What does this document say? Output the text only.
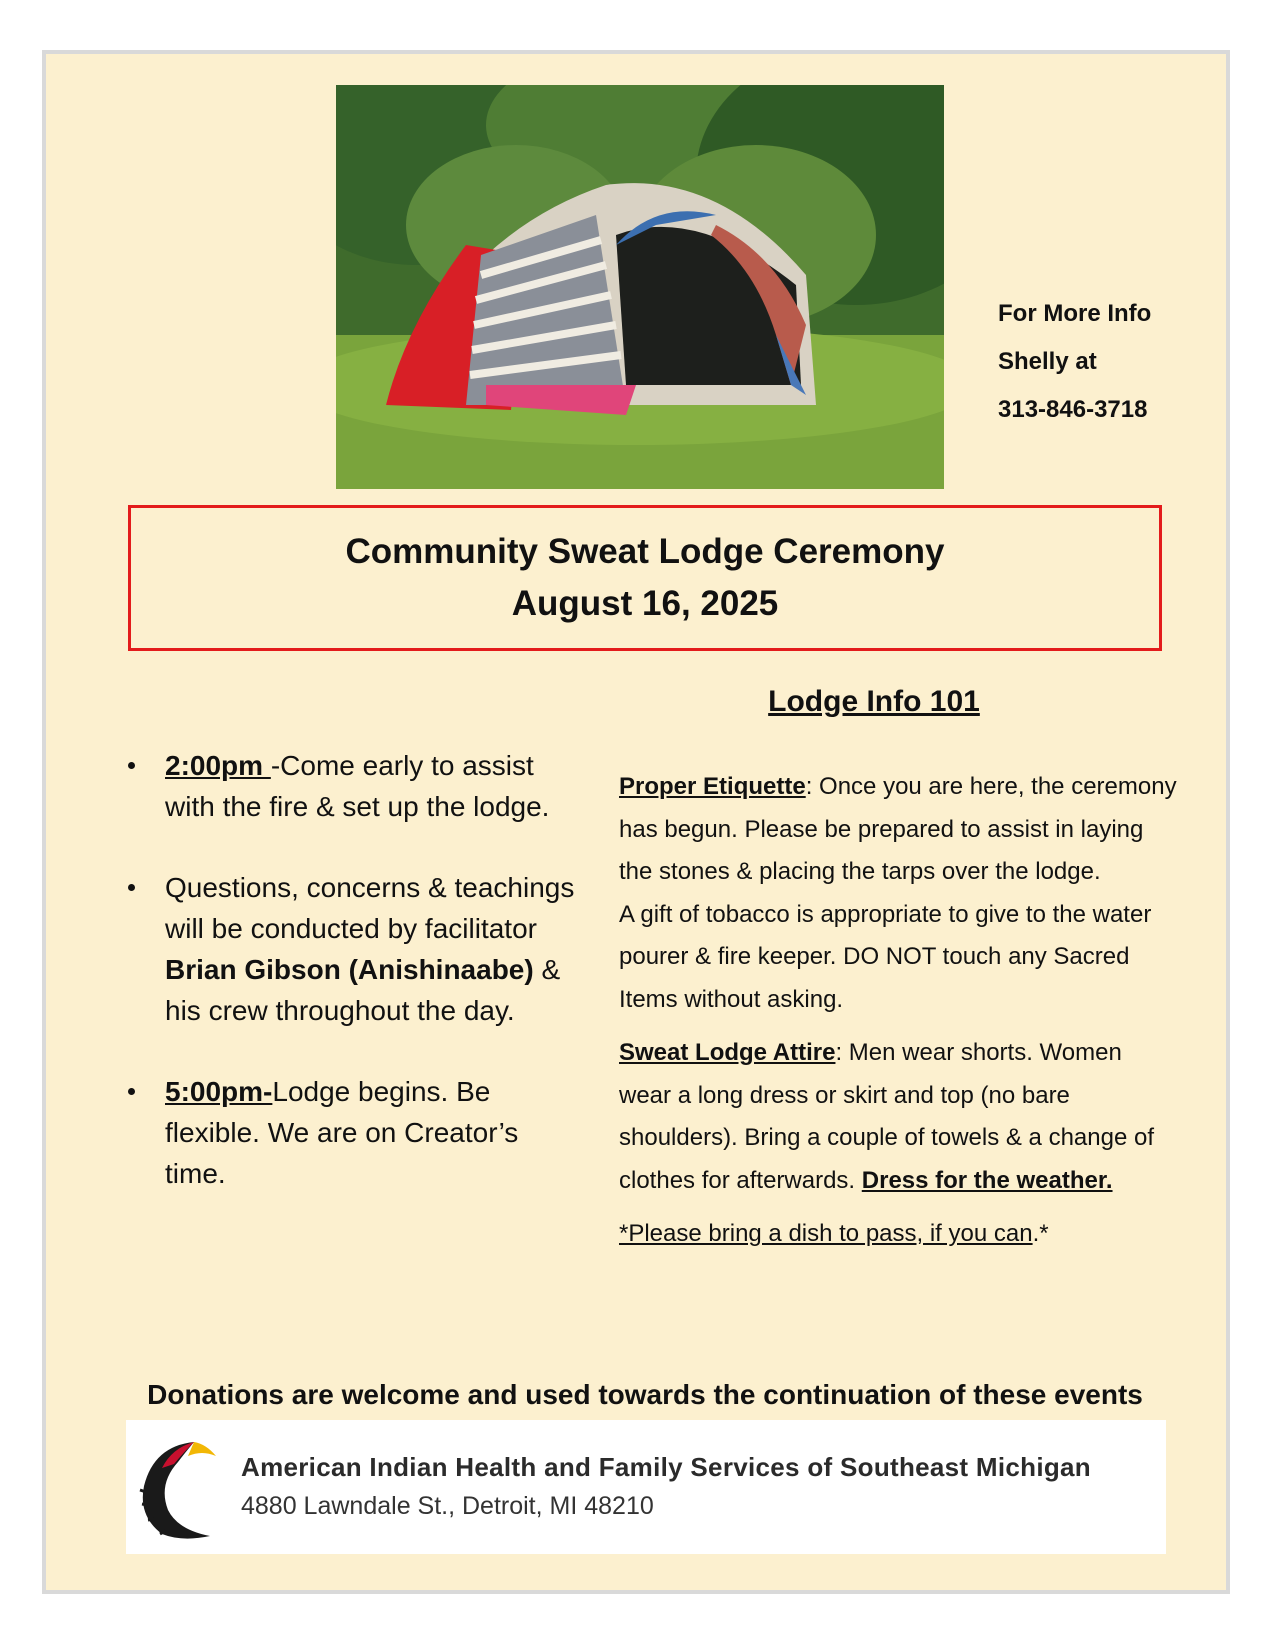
For More Info
Shelly at
313-846-3718
Community Sweat Lodge Ceremony
August 16, 2025
2:00pm -Come early to assist with the fire & set up the lodge.
Questions, concerns & teachings will be conducted by facilitator Brian Gibson (Anishinaabe) & his crew throughout the day.
5:00pm-Lodge begins. Be flexible. We are on Creator’s time.
Lodge Info 101

Proper Etiquette: Once you are here, the ceremony has begun. Please be prepared to assist in laying the stones & placing the tarps over the lodge.

A gift of tobacco is appropriate to give to the water pourer & fire keeper. DO NOT touch any Sacred Items without asking.

Sweat Lodge Attire: Men wear shorts. Women wear a long dress or skirt and top (no bare shoulders). Bring a couple of towels & a change of clothes for afterwards. Dress for the weather.

*Please bring a dish to pass, if you can.*

Donations are welcome and used towards the continuation of these events
American Indian Health and Family Services of Southeast Michigan
4880 Lawndale St., Detroit, MI 48210
